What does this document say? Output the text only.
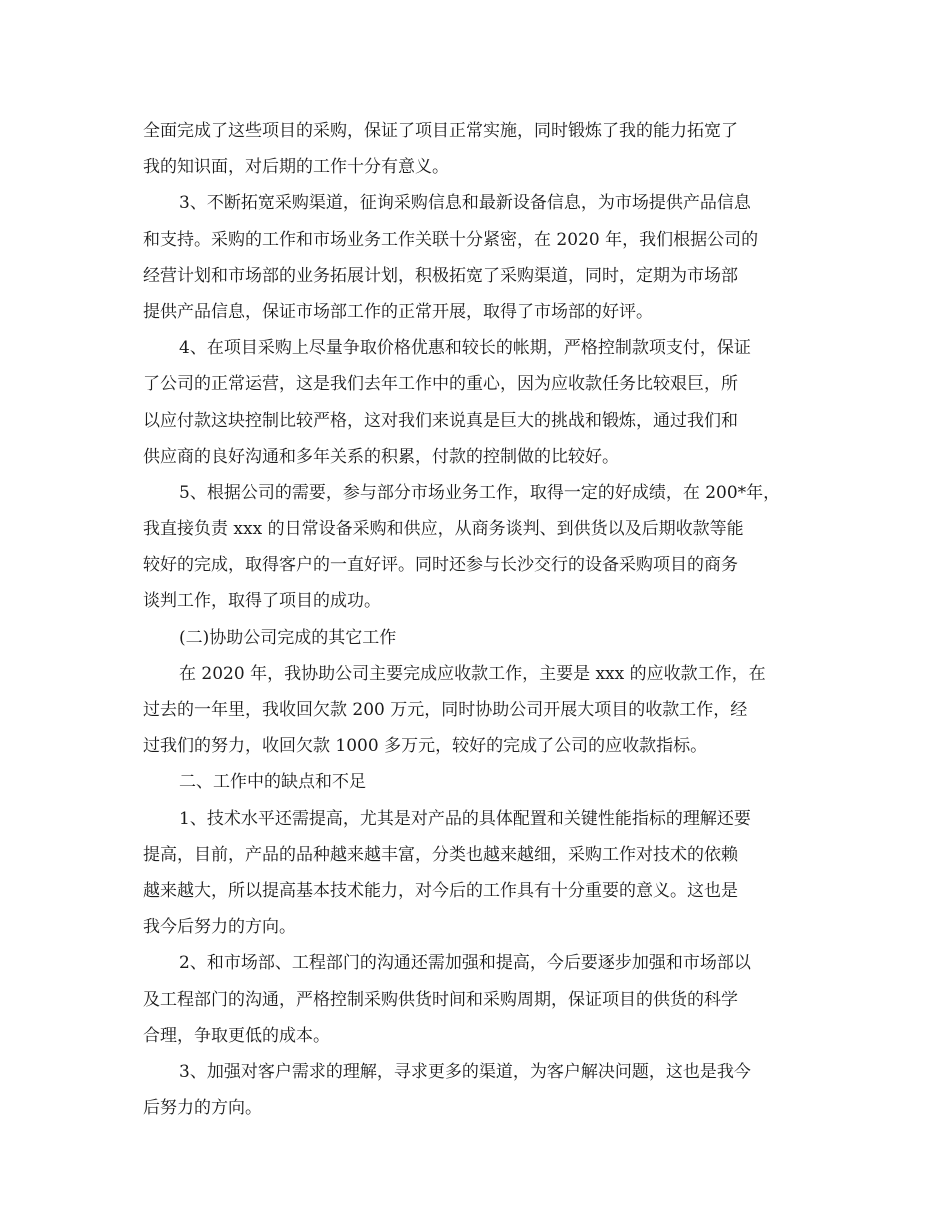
全面完成了这些项目的采购，保证了项目正常实施，同时锻炼了我的能力拓宽了
我的知识面，对后期的工作十分有意义。
3、不断拓宽采购渠道，征询采购信息和最新设备信息，为市场提供产品信息
和支持。采购的工作和市场业务工作关联十分紧密，在 2020 年，我们根据公司的
经营计划和市场部的业务拓展计划，积极拓宽了采购渠道，同时，定期为市场部
提供产品信息，保证市场部工作的正常开展，取得了市场部的好评。
4、在项目采购上尽量争取价格优惠和较长的帐期，严格控制款项支付，保证
了公司的正常运营，这是我们去年工作中的重心，因为应收款任务比较艰巨，所
以应付款这块控制比较严格，这对我们来说真是巨大的挑战和锻炼，通过我们和
供应商的良好沟通和多年关系的积累，付款的控制做的比较好。
5、根据公司的需要，参与部分市场业务工作，取得一定的好成绩，在 200*年，
我直接负责 xxx 的日常设备采购和供应，从商务谈判、到供货以及后期收款等能
较好的完成，取得客户的一直好评。同时还参与长沙交行的设备采购项目的商务
谈判工作，取得了项目的成功。
(二)协助公司完成的其它工作
在 2020 年，我协助公司主要完成应收款工作，主要是 xxx 的应收款工作，在
过去的一年里，我收回欠款 200 万元，同时协助公司开展大项目的收款工作，经
过我们的努力，收回欠款 1000 多万元，较好的完成了公司的应收款指标。
二、工作中的缺点和不足
1、技术水平还需提高，尤其是对产品的具体配置和关键性能指标的理解还要
提高，目前，产品的品种越来越丰富，分类也越来越细，采购工作对技术的依赖
越来越大，所以提高基本技术能力，对今后的工作具有十分重要的意义。这也是
我今后努力的方向。
2、和市场部、工程部门的沟通还需加强和提高，今后要逐步加强和市场部以
及工程部门的沟通，严格控制采购供货时间和采购周期，保证项目的供货的科学
合理，争取更低的成本。
3、加强对客户需求的理解，寻求更多的渠道，为客户解决问题，这也是我今
后努力的方向。
